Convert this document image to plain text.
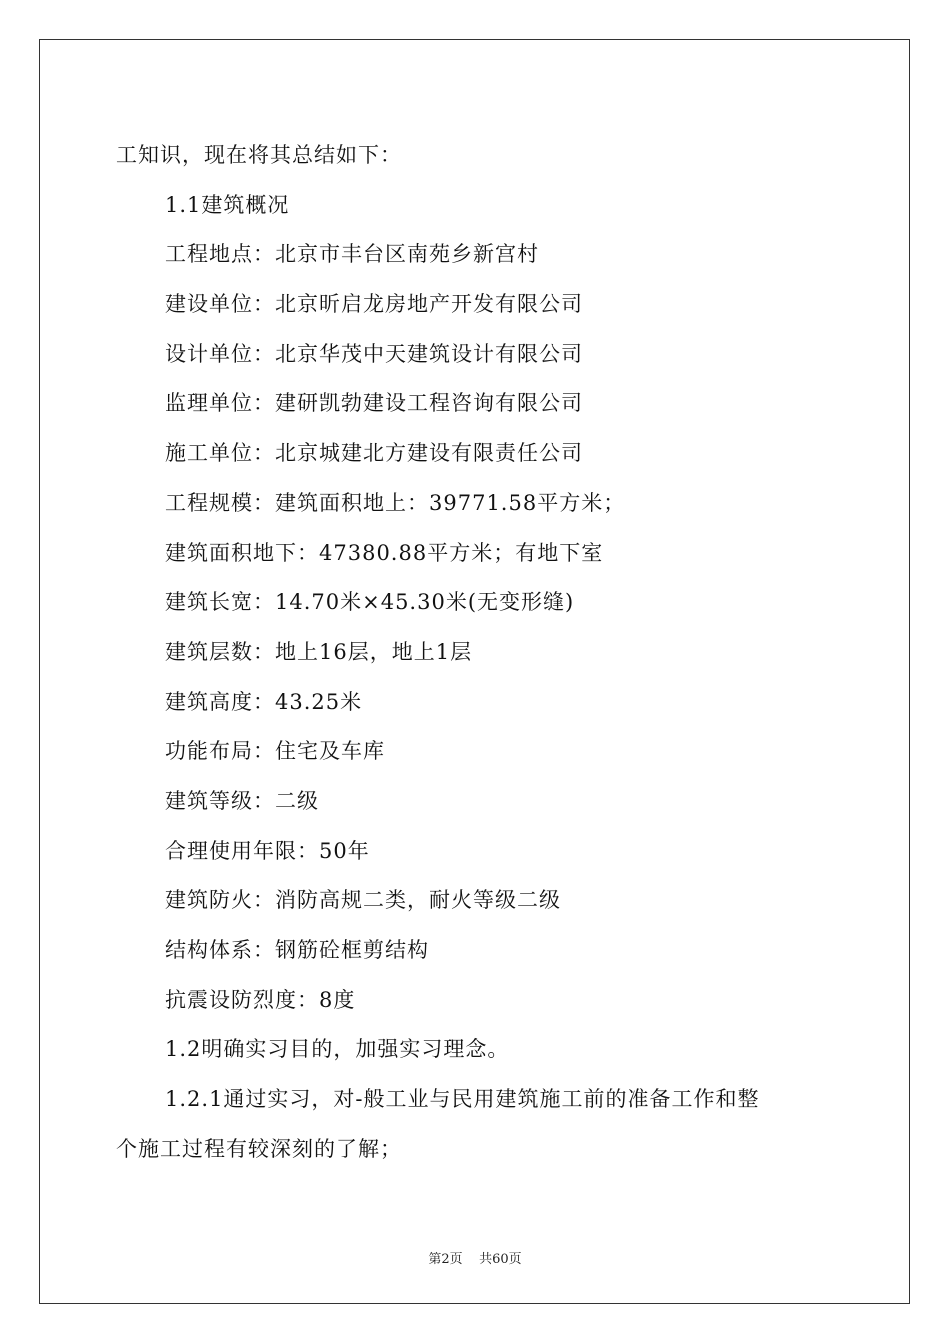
工知识，现在将其总结如下：
1.1建筑概况
工程地点：北京市丰台区南苑乡新宫村
建设单位：北京昕启龙房地产开发有限公司
设计单位：北京华茂中天建筑设计有限公司
监理单位：建研凯勃建设工程咨询有限公司
施工单位：北京城建北方建设有限责任公司
工程规模：建筑面积地上：39771.58平方米；
建筑面积地下：47380.88平方米；有地下室
建筑长宽：14.70米×45.30米(无变形缝)
建筑层数：地上16层，地上1层
建筑高度：43.25米
功能布局：住宅及车库
建筑等级：二级
合理使用年限：50年
建筑防火：消防高规二类，耐火等级二级
结构体系：钢筋砼框剪结构
抗震设防烈度：8度
1.2明确实习目的，加强实习理念。
1.2.1通过实习，对-般工业与民用建筑施工前的准备工作和整
个施工过程有较深刻的了解；
第2页 共60页
